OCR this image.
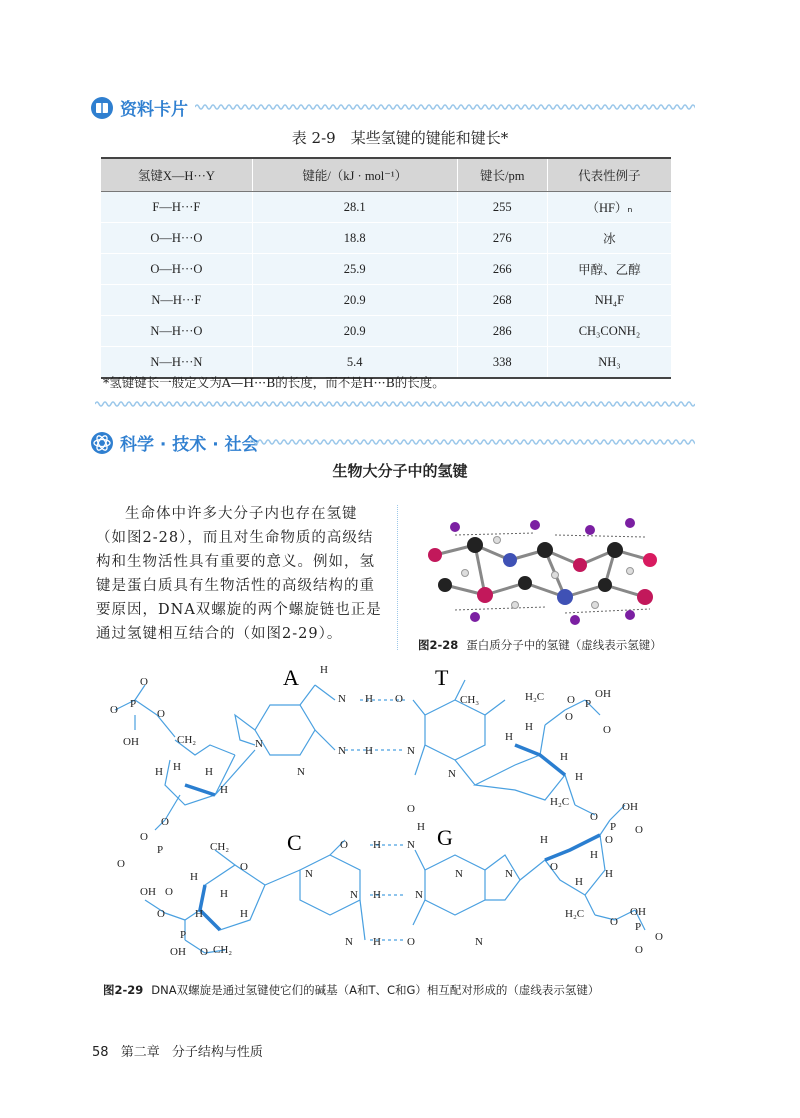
资料卡片
表 2-9　某些氢键的键能和键长*
氢键X—H···Y	键能/（kJ · mol⁻¹）	键长/pm	代表性例子
F—H···F	28.1	255	（HF）ₙ
O—H···O	18.8	276	冰
O—H···O	25.9	266	甲醇、乙醇
N—H···F	20.9	268	NH₄F
N—H···O	20.9	286	CH₃CONH₂
N—H···N	5.4	338	NH₃
*氢键键长一般定义为A—H···B的长度，而不是H···B的长度。
科学 · 技术 · 社会
生物大分子中的氢键
生命体中许多大分子内也存在氢键（如图2-28），而且对生命物质的高级结构和生物活性具有重要的意义。例如，氢键是蛋白质具有生物活性的高级结构的重要原因，DNA双螺旋的两个螺旋链也正是通过氢键相互结合的（如图2-29）。
图2-28 蛋白质分子中的氢键（虚线表示氢键）
A	T
C	G
O
O P
O
OH	CH₂
H H H
H
O
O
O
P
OH
N H O
N H	N
H
CH₃
O
N
N	N
H₂C O P
OH
O
O
H
H
H
H
H₂C
O
OH
P
O
O
N
O H N
H
N H	N
N H O
N	N
N
CH₂
O
H
H
H
H
O
P
OH
O
O CH₂
H
O
H
H
H
H₂C
O
OH
P
O
O
图2-29 DNA双螺旋是通过氢键使它们的碱基（A和T、C和G）相互配对形成的（虚线表示氢键）
58 第二章 分子结构与性质
